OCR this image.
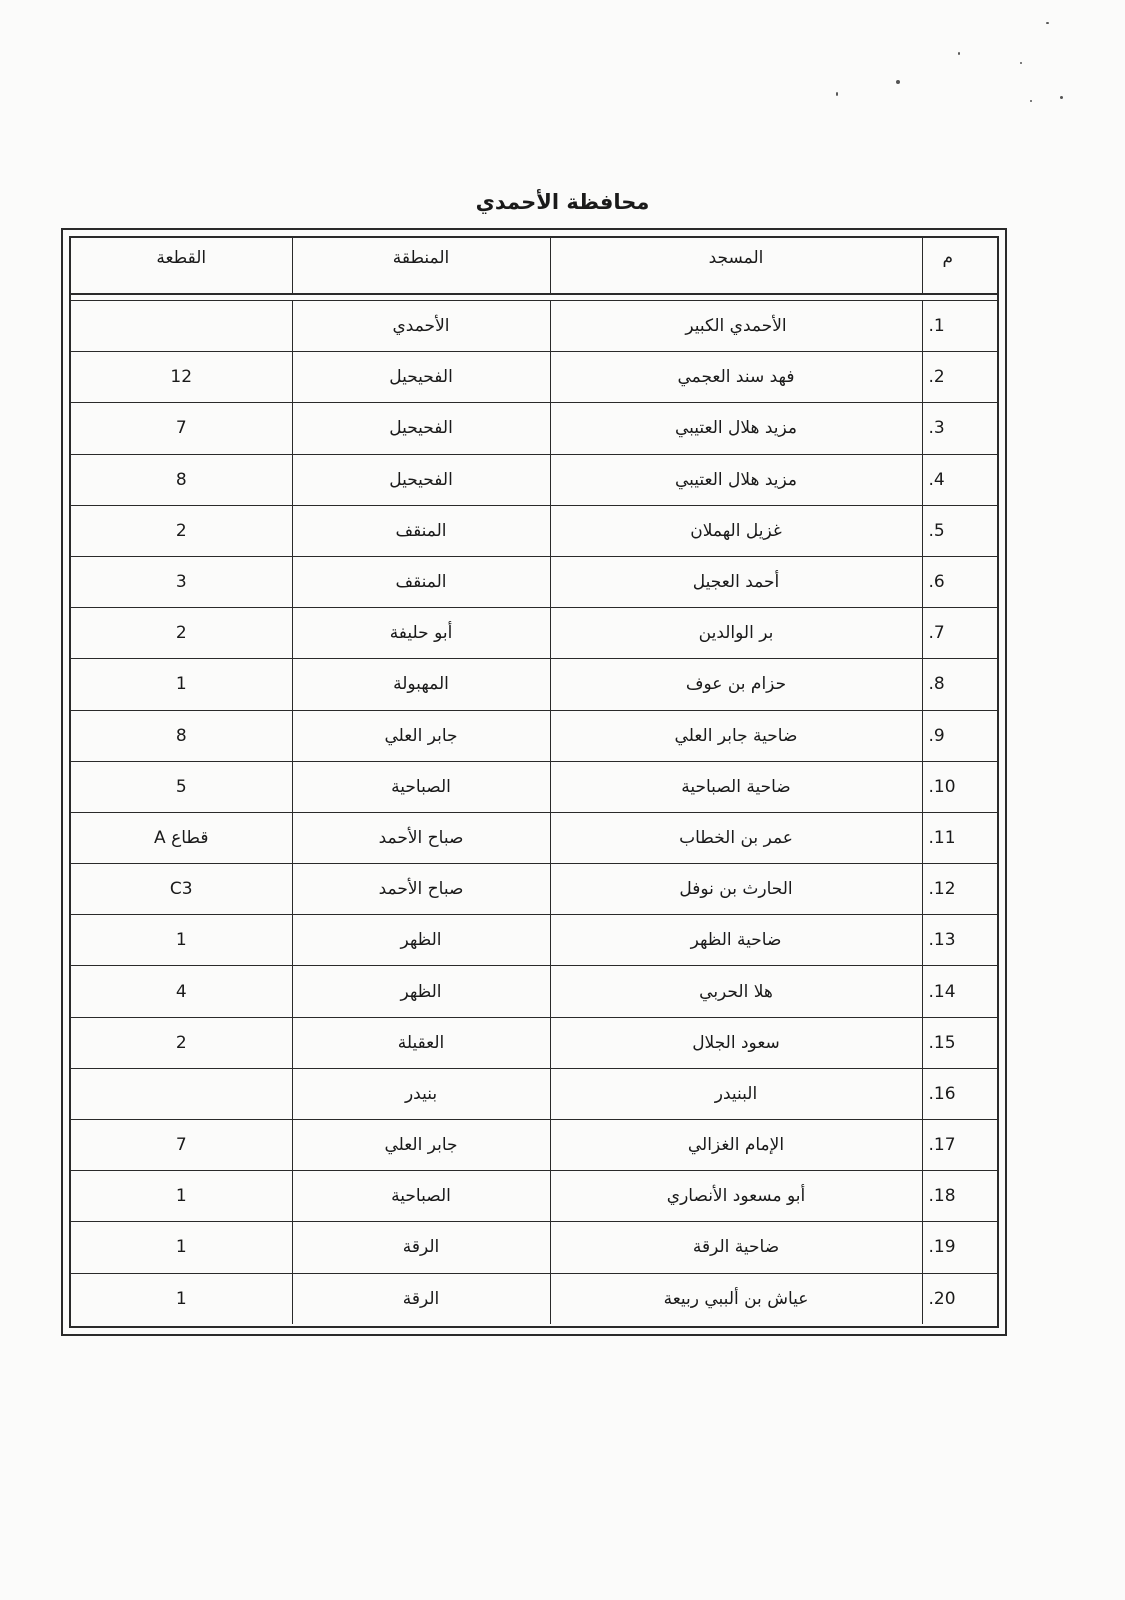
محافظة الأحمدي
م	المسجد	المنطقة	القطعة
.1	الأحمدي الكبير	الأحمدي	
.2	فهد سند العجمي	الفحيحيل	12
.3	مزيد هلال العتيبي	الفحيحيل	7
.4	مزيد هلال العتيبي	الفحيحيل	8
.5	غزيل الهملان	المنقف	2
.6	أحمد العجيل	المنقف	3
.7	بر الوالدين	أبو حليفة	2
.8	حزام بن عوف	المهبولة	1
.9	ضاحية جابر العلي	جابر العلي	8
.10	ضاحية الصباحية	الصباحية	5
.11	عمر بن الخطاب	صباح الأحمد	A قطاع
.12	الحارث بن نوفل	صباح الأحمد	C3
.13	ضاحية الظهر	الظهر	1
.14	هلا الحربي	الظهر	4
.15	سعود الجلال	العقيلة	2
.16	البنيدر	بنيدر	
.17	الإمام الغزالي	جابر العلي	7
.18	أبو مسعود الأنصاري	الصباحية	1
.19	ضاحية الرقة	الرقة	1
.20	عياش بن ألببي ربيعة	الرقة	1
